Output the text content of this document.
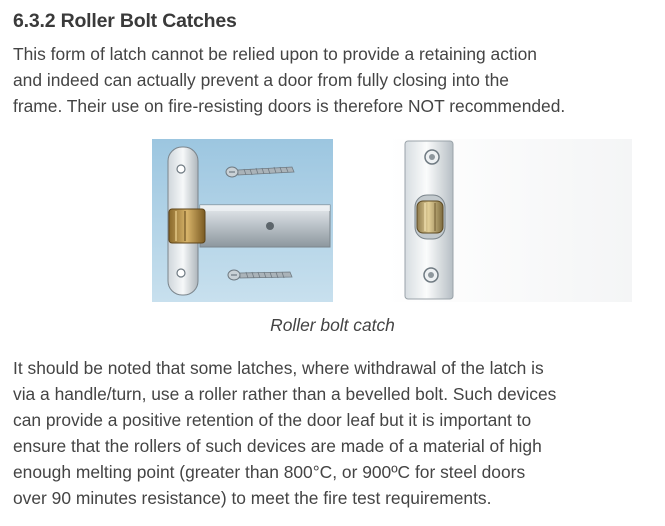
6.3.2 Roller Bolt Catches
This form of latch cannot be relied upon to provide a retaining action
and indeed can actually prevent a door from fully closing into the
frame. Their use on fire-resisting doors is therefore NOT recommended.
Roller bolt catch
It should be noted that some latches, where withdrawal of the latch is
via a handle/turn, use a roller rather than a bevelled bolt. Such devices
can provide a positive retention of the door leaf but it is important to
ensure that the rollers of such devices are made of a material of high
enough melting point (greater than 800°C, or 900ºC for steel doors
over 90 minutes resistance) to meet the fire test requirements.
